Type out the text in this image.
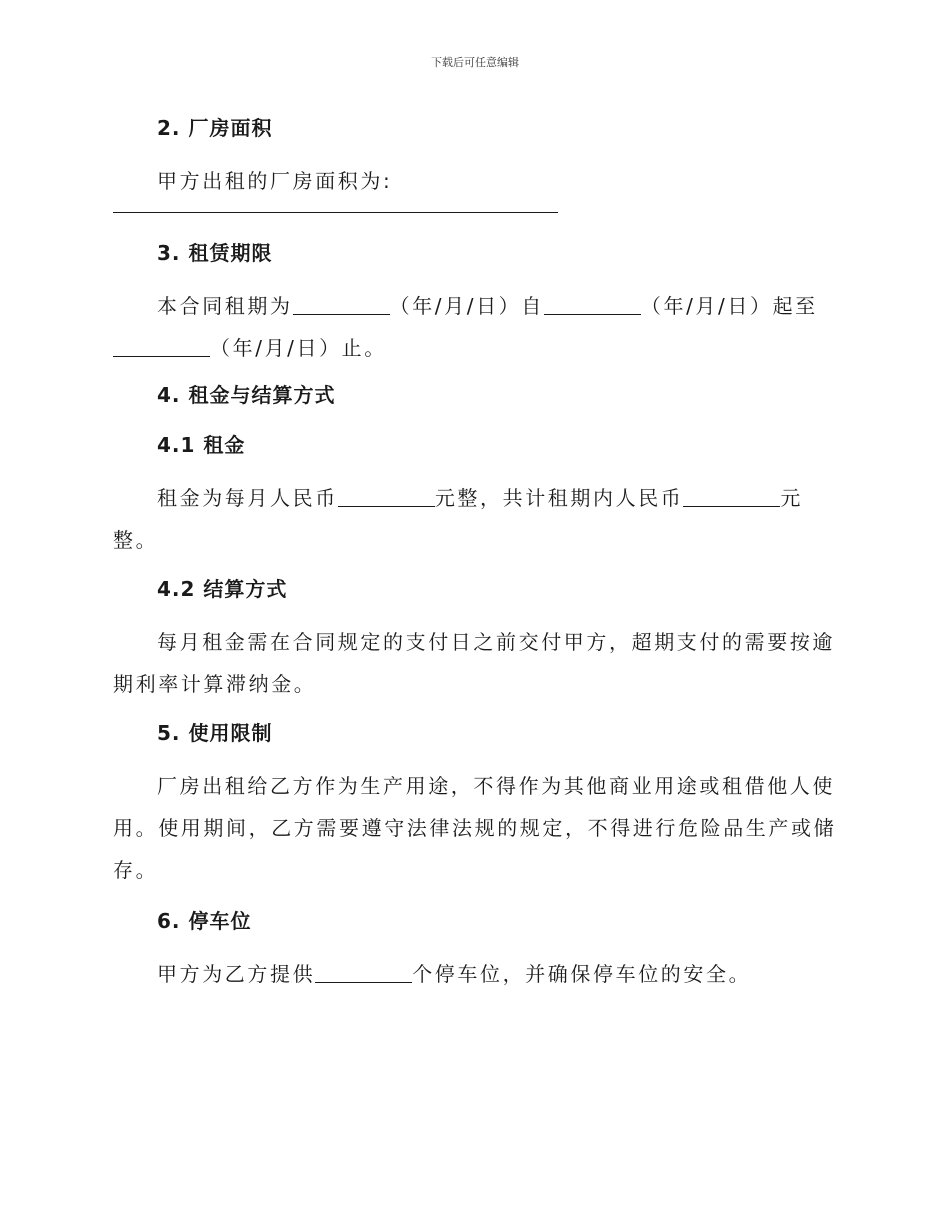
下载后可任意编辑
2. 厂房面积

甲方出租的厂房面积为:

3. 租赁期限

本合同租期为	（年/月/日）自	（年/月/日）起至（年/月/日）止。

4. 租金与结算方式
4.1 租金

租金为每月人民币	元整，共计租期内人民币	元整。

4.2 结算方式

每月租金需在合同规定的支付日之前交付甲方，超期支付的需要按逾期利率计算滞纳金。

5. 使用限制

厂房出租给乙方作为生产用途，不得作为其他商业用途或租借他人使用。使用期间，乙方需要遵守法律法规的规定，不得进行危险品生产或储存。

6. 停车位

甲方为乙方提供	个停车位，并确保停车位的安全。
